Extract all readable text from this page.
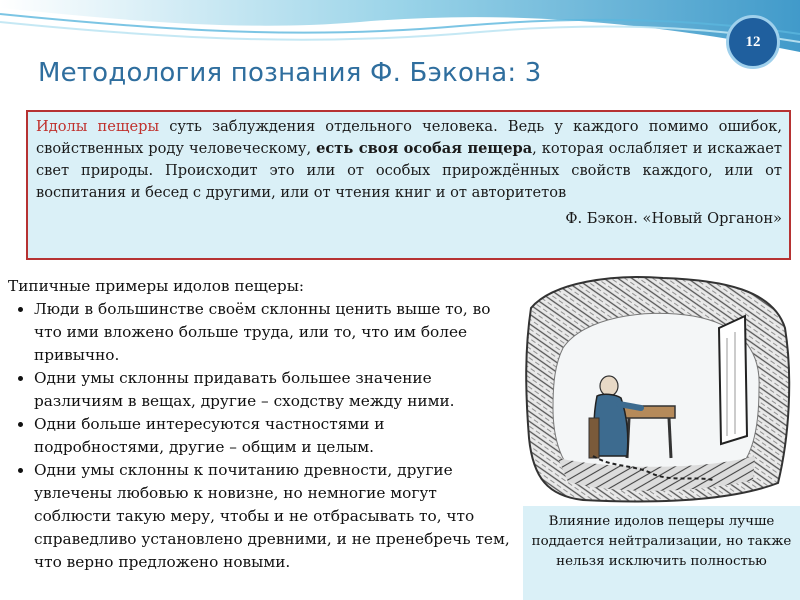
12
Методология познания Ф. Бэкона: 3
Идолы пещеры суть заблуждения отдельного человека. Ведь у каждого помимо ошибок, свойственных роду человеческому, есть своя особая пещера, которая ослабляет и искажает свет природы. Происходит это или от особых прирождённых свойств каждого, или от воспитания и бесед с другими, или от чтения книг и от авторитетов
Ф. Бэкон. «Новый Органон»
Типичные примеры идолов пещеры:
• Люди в большинстве своём склонны ценить выше то, во что ими вложено больше труда, или то, что им более привычно.
• Одни умы склонны придавать большее значение различиям в вещах, другие – сходству между ними.
• Одни больше интересуются частностями и подробностями, другие – общим и целым.
• Одни умы склонны к почитанию древности, другие увлечены любовью к новизне, но немногие могут соблюсти такую меру, чтобы и не отбрасывать то, что справедливо установлено древними, и не пренебречь тем, что верно предложено новыми.
Влияние идолов пещеры лучше поддается нейтрализации, но также нельзя исключить полностью
